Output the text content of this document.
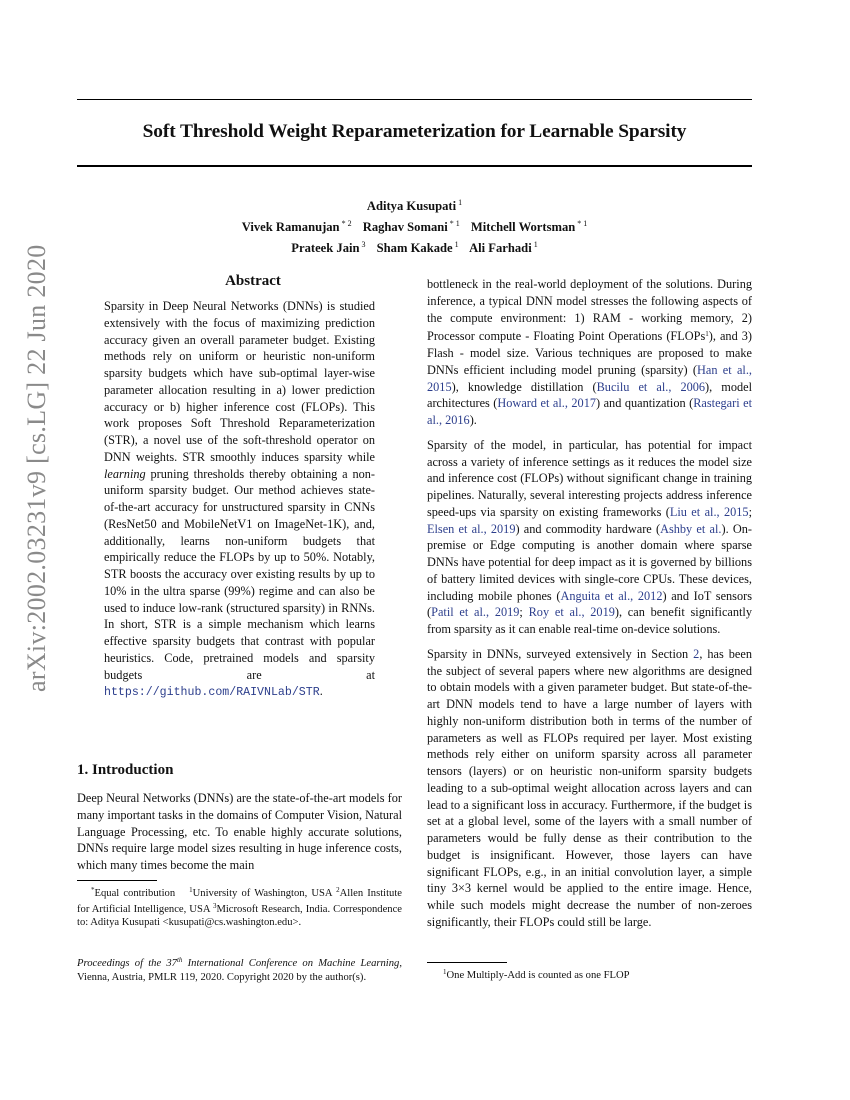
Soft Threshold Weight Reparameterization for Learnable Sparsity
Aditya Kusupati $^1$
Vivek Ramanujan $^{* 2}$ Raghav Somani $^{* 1}$ Mitchell Wortsman $^{* 1}$
Prateek Jain $^3$ Sham Kakade $^1$ Ali Farhadi $^1$
arXiv:2002.03231v9 [cs.LG] 22 Jun 2020	Abstract
Sparsity in Deep Neural Networks (DNNs) is studied extensively with the focus of maximizing prediction accuracy given an overall parameter budget. Existing methods rely on uniform or heuristic non-uniform sparsity budgets which have sub-optimal layer-wise parameter allocation resulting in a) lower prediction accuracy or b) higher inference cost (FLOPs). This work proposes Soft Threshold Reparameterization (STR), a novel use of the soft-threshold operator on DNN weights. STR smoothly induces sparsity while learning pruning thresholds thereby obtaining a non-uniform sparsity budget. Our method achieves state-of-the-art accuracy for unstructured sparsity in CNNs (ResNet50 and MobileNetV1 on ImageNet-1K), and, additionally, learns non-uniform budgets that empirically reduce the FLOPs by up to 50%. Notably, STR boosts the accuracy over existing results by up to 10% in the ultra sparse (99%) regime and can also be used to induce low-rank (structured sparsity) in RNNs. In short, STR is a simple mechanism which learns effective sparsity budgets that contrast with popular heuristics. Code, pretrained models and sparsity budgets are at https://github.com/RAIVNLab/STR.
1. Introduction
Deep Neural Networks (DNNs) are the state-of-the-art models for many important tasks in the domains of Computer Vision, Natural Language Processing, etc. To enable highly accurate solutions, DNNs require large model sizes resulting in huge inference costs, which many times become the main
*Equal contribution $^1$University of Washington, USA $^2$Allen Institute for Artificial Intelligence, USA $^3$Microsoft Research, India. Correspondence to: Aditya Kusupati <kusupati@cs.washington.edu>.
Proceedings of the 37th International Conference on Machine Learning, Vienna, Austria, PMLR 119, 2020. Copyright 2020 by the author(s).

bottleneck in the real-world deployment of the solutions. During inference, a typical DNN model stresses the following aspects of the compute environment: 1) RAM - working memory, 2) Processor compute - Floating Point Operations (FLOPs$^1$), and 3) Flash - model size. Various techniques are proposed to make DNNs efficient including model pruning (sparsity) (Han et al., 2015), knowledge distillation (Bucilu et al., 2006), model architectures (Howard et al., 2017) and quantization (Rastegari et al., 2016).

Sparsity of the model, in particular, has potential for impact across a variety of inference settings as it reduces the model size and inference cost (FLOPs) without significant change in training pipelines. Naturally, several interesting projects address inference speed-ups via sparsity on existing frameworks (Liu et al., 2015; Elsen et al., 2019) and commodity hardware (Ashby et al.). On-premise or Edge computing is another domain where sparse DNNs have potential for deep impact as it is governed by billions of battery limited devices with single-core CPUs. These devices, including mobile phones (Anguita et al., 2012) and IoT sensors (Patil et al., 2019; Roy et al., 2019), can benefit significantly from sparsity as it can enable real-time on-device solutions.

Sparsity in DNNs, surveyed extensively in Section 2, has been the subject of several papers where new algorithms are designed to obtain models with a given parameter budget. But state-of-the-art DNN models tend to have a large number of layers with highly non-uniform distribution both in terms of the number of parameters as well as FLOPs required per layer. Most existing methods rely either on uniform sparsity across all parameter tensors (layers) or on heuristic non-uniform sparsity budgets leading to a sub-optimal weight allocation across layers and can lead to a significant loss in accuracy. Furthermore, if the budget is set at a global level, some of the layers with a small number of parameters would be fully dense as their contribution to the budget is insignificant. However, those layers can have significant FLOPs, e.g., in an initial convolution layer, a simple tiny 3×3 kernel would be applied to the entire image. Hence, while such models might decrease the number of non-zeroes significantly, their FLOPs could still be large.

$^1$One Multiply-Add is counted as one FLOP
